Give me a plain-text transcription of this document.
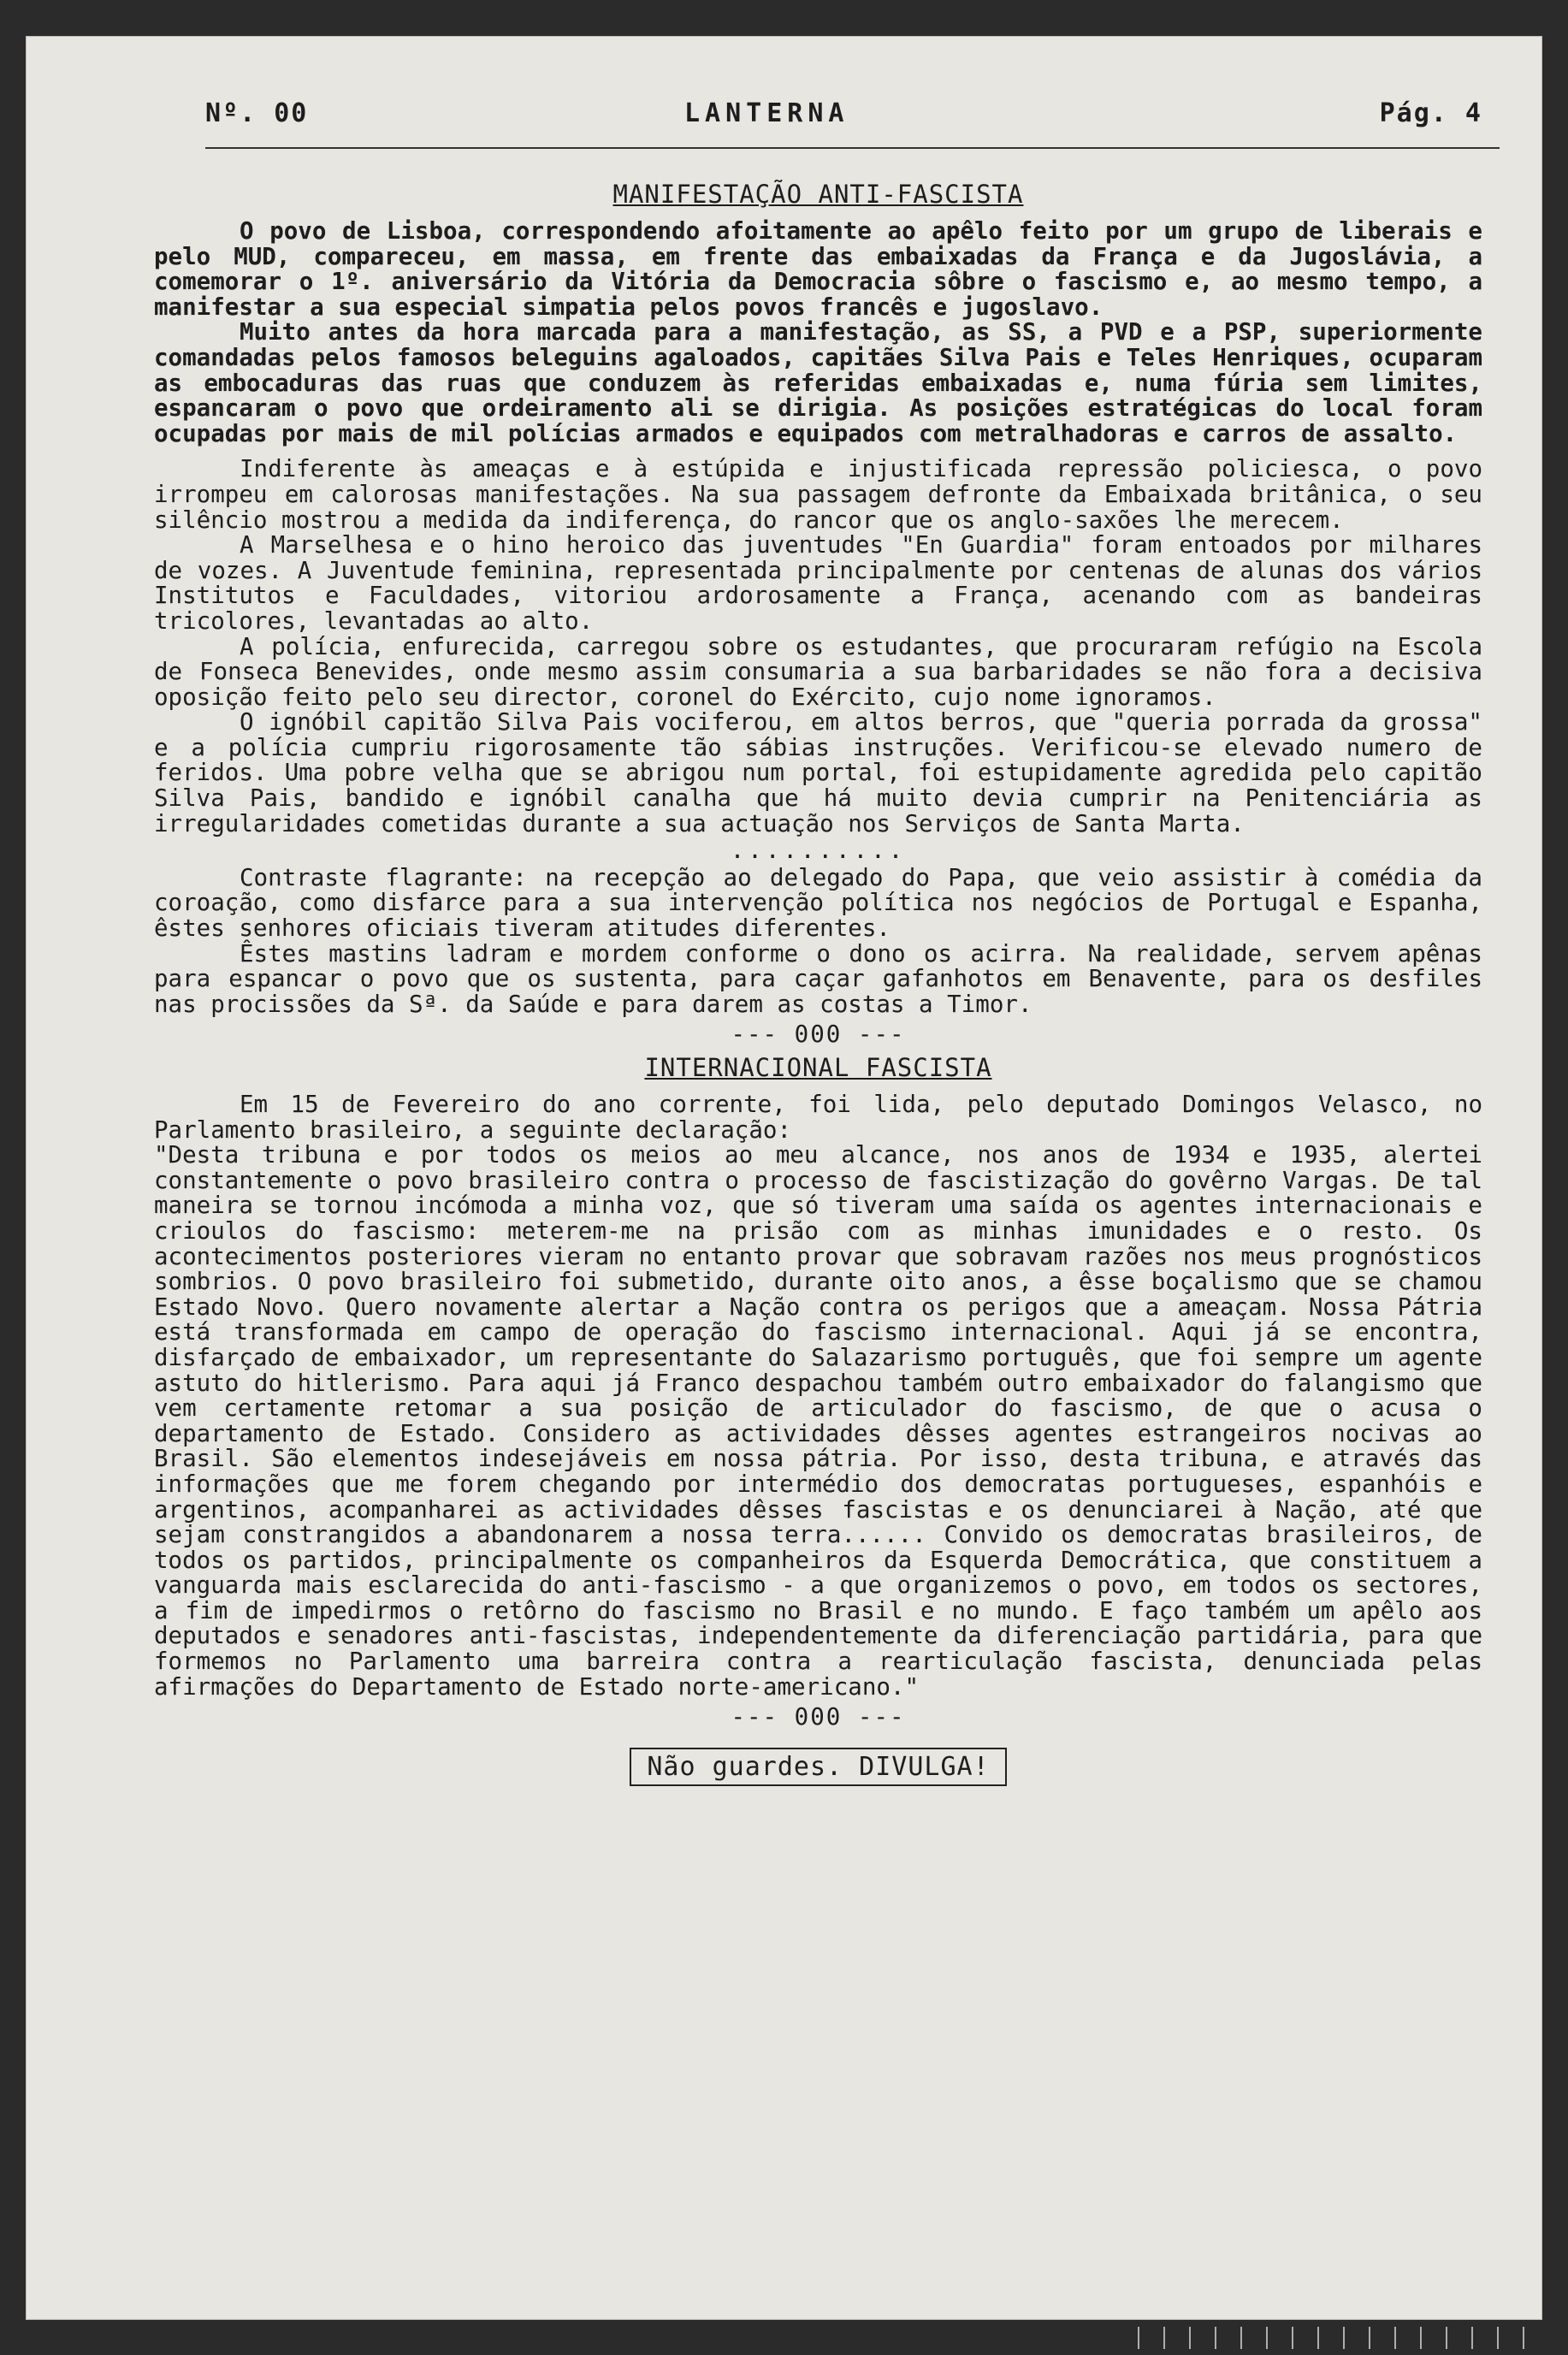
Nº. 00	LANTERNA	Pág. 4
MANIFESTAÇÃO ANTI-FASCISTA

O povo de Lisboa, correspondendo afoitamente ao apêlo feito por um grupo de liberais e pelo MUD, compareceu, em massa, em frente das embaixadas da França e da Jugoslávia, a comemorar o 1º. aniversário da Vitória da Democracia sôbre o fascismo e, ao mesmo tempo, a manifestar a sua especial simpatia pelos povos francês e jugoslavo.

Muito antes da hora marcada para a manifestação, as SS, a PVD e a PSP, superiormente comandadas pelos famosos beleguins agaloados, capitães Silva Pais e Teles Henriques, ocuparam as embocaduras das ruas que conduzem às referidas embaixadas e, numa fúria sem limites, espancaram o povo que ordeiramento ali se dirigia. As posições estratégicas do local foram ocupadas por mais de mil polícias armados e equipados com metralhadoras e carros de assalto.

Indiferente às ameaças e à estúpida e injustificada repressão policiesca, o povo irrompeu em calorosas manifestações. Na sua passagem defronte da Embaixada britânica, o seu silêncio mostrou a medida da indiferença, do rancor que os anglo-saxões lhe merecem.

A Marselhesa e o hino heroico das juventudes "En Guardia" foram entoados por milhares de vozes. A Juventude feminina, representada principalmente por centenas de alunas dos vários Institutos e Faculdades, vitoriou ardorosamente a França, acenando com as bandeiras tricolores, levantadas ao alto.

A polícia, enfurecida, carregou sobre os estudantes, que procuraram refúgio na Escola de Fonseca Benevides, onde mesmo assim consumaria a sua barbaridades se não fora a decisiva oposição feito pelo seu director, coronel do Exército, cujo nome ignoramos.

O ignóbil capitão Silva Pais vociferou, em altos berros, que "queria porrada da grossa" e a polícia cumpriu rigorosamente tão sábias instruções. Verificou-se elevado numero de feridos. Uma pobre velha que se abrigou num portal, foi estupidamente agredida pelo capitão Silva Pais, bandido e ignóbil canalha que há muito devia cumprir na Penitenciária as irregularidades cometidas durante a sua actuação nos Serviços de Santa Marta.

..........

Contraste flagrante: na recepção ao delegado do Papa, que veio assistir à comédia da coroação, como disfarce para a sua intervenção política nos negócios de Portugal e Espanha, êstes senhores oficiais tiveram atitudes diferentes.

Êstes mastins ladram e mordem conforme o dono os acirra. Na realidade, servem apênas para espancar o povo que os sustenta, para caçar gafanhotos em Benavente, para os desfiles nas procissões da Sª. da Saúde e para darem as costas a Timor.

--- 000 ---
INTERNACIONAL FASCISTA

Em 15 de Fevereiro do ano corrente, foi lida, pelo deputado Domingos Velasco, no Parlamento brasileiro, a seguinte declaração:

"Desta tribuna e por todos os meios ao meu alcance, nos anos de 1934 e 1935, alertei constantemente o povo brasileiro contra o processo de fascistização do govêrno Vargas. De tal maneira se tornou incómoda a minha voz, que só tiveram uma saída os agentes internacionais e crioulos do fascismo: meterem-me na prisão com as minhas imunidades e o resto. Os acontecimentos posteriores vieram no entanto provar que sobravam razões nos meus prognósticos sombrios. O povo brasileiro foi submetido, durante oito anos, a êsse boçalismo que se chamou Estado Novo. Quero novamente alertar a Nação contra os perigos que a ameaçam. Nossa Pátria está transformada em campo de operação do fascismo internacional. Aqui já se encontra, disfarçado de embaixador, um representante do Salazarismo português, que foi sempre um agente astuto do hitlerismo. Para aqui já Franco despachou também outro embaixador do falangismo que vem certamente retomar a sua posição de articulador do fascismo, de que o acusa o departamento de Estado. Considero as actividades dêsses agentes estrangeiros nocivas ao Brasil. São elementos indesejáveis em nossa pátria. Por isso, desta tribuna, e através das informações que me forem chegando por intermédio dos democratas portugueses, espanhóis e argentinos, acompanharei as actividades dêsses fascistas e os denunciarei à Nação, até que sejam constrangidos a abandonarem a nossa terra...... Convido os democratas brasileiros, de todos os partidos, principalmente os companheiros da Esquerda Democrática, que constituem a vanguarda mais esclarecida do anti-fascismo - a que organizemos o povo, em todos os sectores, a fim de impedirmos o retôrno do fascismo no Brasil e no mundo. E faço também um apêlo aos deputados e senadores anti-fascistas, independentemente da diferenciação partidária, para que formemos no Parlamento uma barreira contra a rearticulação fascista, denunciada pelas afirmações do Departamento de Estado norte-americano."

--- 000 ---
Não guardes. DIVULGA!
